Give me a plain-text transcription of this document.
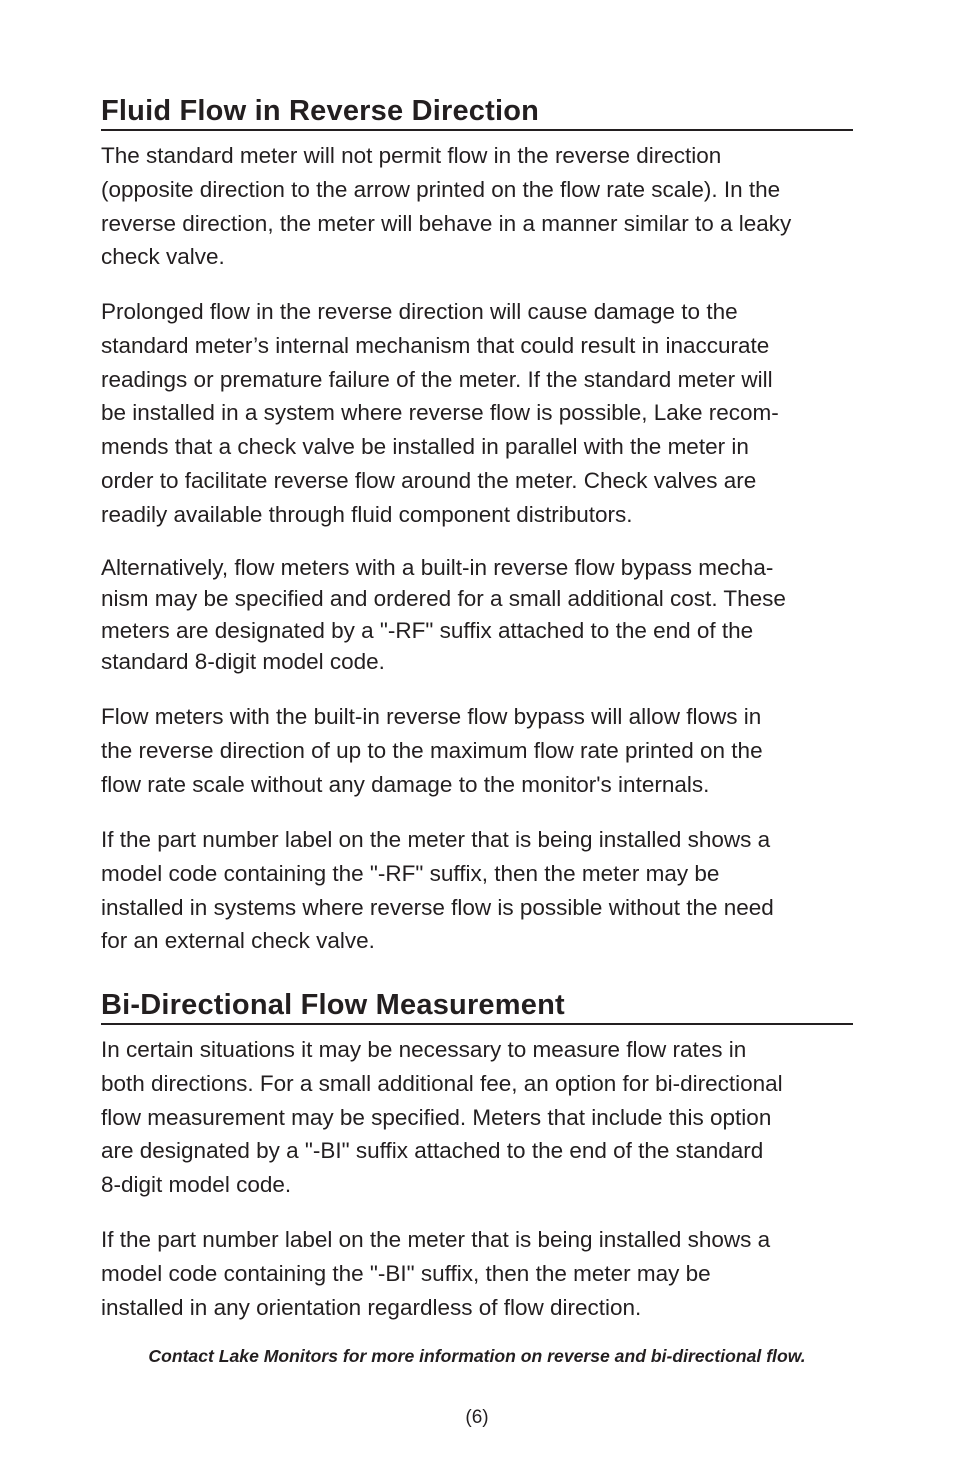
Fluid Flow in Reverse Direction

The standard meter will not permit flow in the reverse direction
(opposite direction to the arrow printed on the flow rate scale). In the
reverse direction, the meter will behave in a manner similar to a leaky
check valve.

Prolonged flow in the reverse direction will cause damage to the
standard meter’s internal mechanism that could result in inaccurate
readings or premature failure of the meter. If the standard meter will
be installed in a system where reverse flow is possible, Lake recom-
mends that a check valve be installed in parallel with the meter in
order to facilitate reverse flow around the meter. Check valves are
readily available through fluid component distributors.

Alternatively, flow meters with a built-in reverse flow bypass mecha-
nism may be specified and ordered for a small additional cost. These
meters are designated by a "-RF" suffix attached to the end of the
standard 8-digit model code.

Flow meters with the built-in reverse flow bypass will allow flows in
the reverse direction of up to the maximum flow rate printed on the
flow rate scale without any damage to the monitor's internals.

If the part number label on the meter that is being installed shows a
model code containing the "-RF" suffix, then the meter may be
installed in systems where reverse flow is possible without the need
for an external check valve.

Bi-Directional Flow Measurement

In certain situations it may be necessary to measure flow rates in
both directions. For a small additional fee, an option for bi-directional
flow measurement may be specified. Meters that include this option
are designated by a "-BI" suffix attached to the end of the standard
8-digit model code.

If the part number label on the meter that is being installed shows a
model code containing the "-BI" suffix, then the meter may be
installed in any orientation regardless of flow direction.

Contact Lake Monitors for more information on reverse and bi-directional flow.
(6)
